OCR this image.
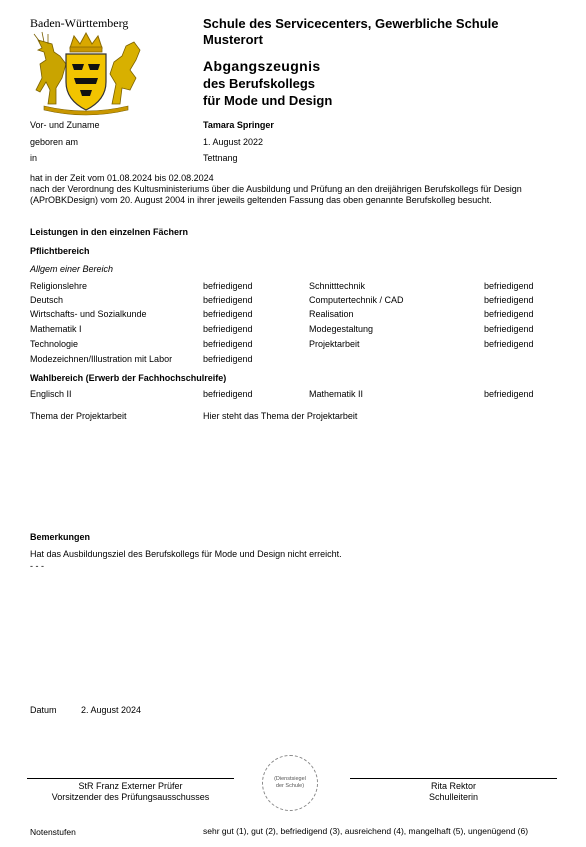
Baden-Württemberg	Schule des Servicecenters, Gewerbliche Schule
Musterort
Abgangszeugnis
des Berufskollegs
für Mode und Design
Vor- und Zuname	Tamara Springer
geboren am	1. August 2022
in	Tettnang
hat in der Zeit vom 01.08.2024 bis 02.08.2024
nach der Verordnung des Kultusministeriums über die Ausbildung und Prüfung an den dreijährigen Berufskollegs für Design (APrOBKDesign) vom 20. August 2004 in ihrer jeweils geltenden Fassung das oben genannte Berufskolleg besucht.
Leistungen in den einzelnen Fächern
Pflichtbereich
Allgem einer Bereich
Religionslehre	befriedigend	Schnitttechnik	befriedigend
Deutsch	befriedigend	Computertechnik / CAD	befriedigend
Wirtschafts- und Sozialkunde	befriedigend	Realisation	befriedigend
Mathematik I	befriedigend	Modegestaltung	befriedigend
Technologie	befriedigend	Projektarbeit	befriedigend
Modezeichnen/Illustration mit Labor	befriedigend
Wahlbereich (Erwerb der Fachhochschulreife)
Englisch II	befriedigend	Mathematik II	befriedigend
Thema der Projektarbeit	Hier steht das Thema der Projektarbeit
Bemerkungen
Hat das Ausbildungsziel des Berufskollegs für Mode und Design nicht erreicht.
- - -
Datum	2. August 2024
StR Franz Externer Prüfer
Vorsitzender des Prüfungsausschusses
(Dienstsiegel
der Schule)	Rita Rektor
Schulleiterin
Notenstufen	sehr gut (1), gut (2), befriedigend (3), ausreichend (4), mangelhaft (5), ungenügend (6)
